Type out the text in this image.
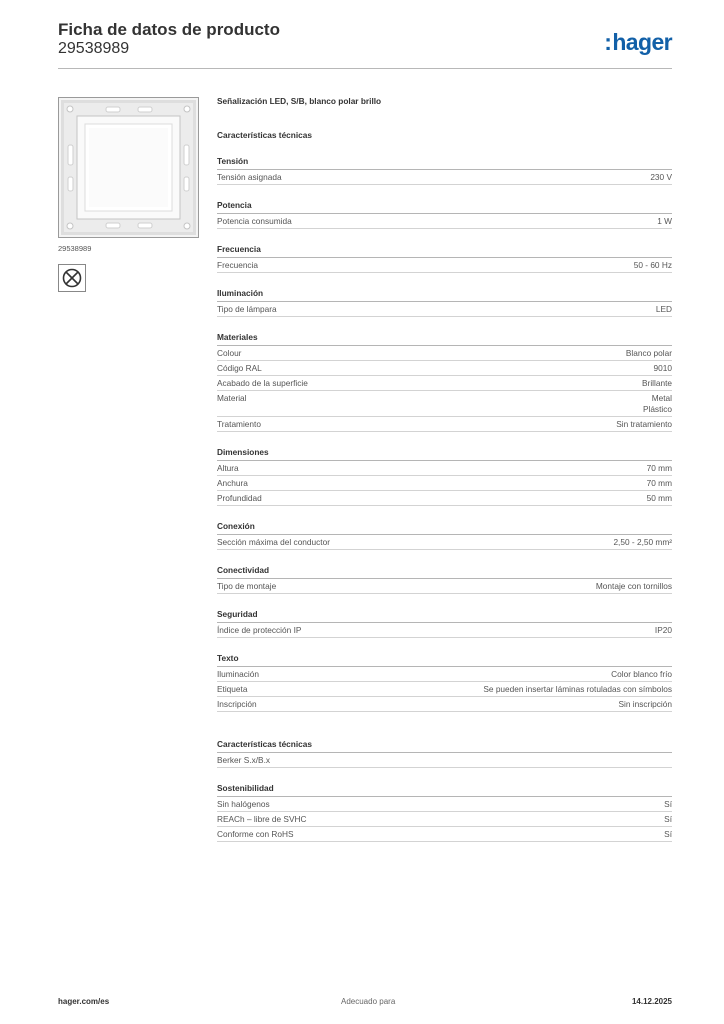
Ficha de datos de producto
29538989	:hager
29538989
Señalización LED, S/B, blanco polar brillo
Características técnicas
Tensión
Tensión asignada	230 V
Potencia
Potencia consumida	1 W
Frecuencia
Frecuencia	50 - 60 Hz
Iluminación
Tipo de lámpara	LED
Materiales
Colour	Blanco polar
Código RAL	9010
Acabado de la superficie	Brillante
Material	Metal
Plástico
Tratamiento	Sin tratamiento
Dimensiones
Altura	70 mm
Anchura	70 mm
Profundidad	50 mm
Conexión
Sección máxima del conductor	2,50 - 2,50 mm²
Conectividad
Tipo de montaje	Montaje con tornillos
Seguridad
Índice de protección IP	IP20
Texto
Iluminación	Color blanco frío
Etiqueta	Se pueden insertar láminas rotuladas con símbolos
Inscripción	Sin inscripción
Características técnicas
Berker S.x/B.x
Sostenibilidad
Sin halógenos	Sí
REACh – libre de SVHC	Sí
Conforme con RoHS	Sí
hager.com/es	Adecuado para	14.12.2025
